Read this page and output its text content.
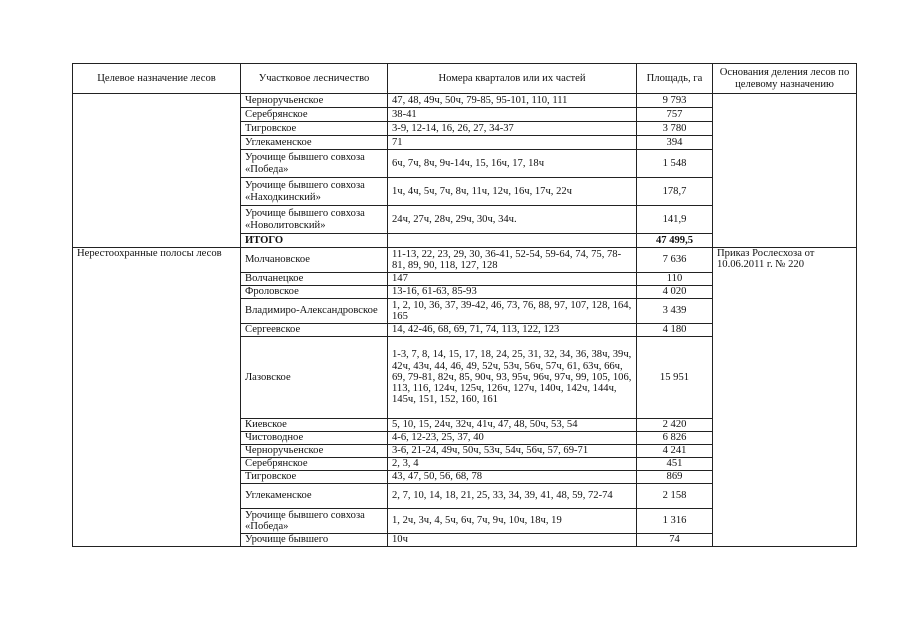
Целевое назначение лесов	Участковое лесничество	Номера кварталов или их частей	Площадь, га	Основания деления лесов по целевому назначению
	Черноручьенское	47, 48, 49ч, 50ч, 79-85, 95-101, 110, 111	9 793	
	Серебрянское	38-41	757	
	Тигровское	3-9, 12-14, 16, 26, 27, 34-37	3 780	
	Углекаменское	71	394	
	Урочище бывшего совхоза «Победа»	6ч, 7ч, 8ч, 9ч-14ч, 15, 16ч, 17, 18ч	1 548	
	Урочище бывшего совхоза «Находкинский»	1ч, 4ч, 5ч, 7ч, 8ч, 11ч, 12ч, 16ч, 17ч, 22ч	178,7	
	Урочище бывшего совхоза «Новолитовский»	24ч, 27ч, 28ч, 29ч, 30ч, 34ч.	141,9	
	ИТОГО		47 499,5	
Нерестоохранные полосы лесов	Молчановское	11-13, 22, 23, 29, 30, 36-41, 52-54, 59-64, 74, 75, 78-81, 89, 90, 118, 127, 128	7 636	Приказ Рослесхоза от 10.06.2011 г. № 220
	Волчанецкое	147	110	
	Фроловское	13-16, 61-63, 85-93	4 020	
	Владимиро-Александровское	1, 2, 10, 36, 37, 39-42, 46, 73, 76, 88, 97, 107, 128, 164, 165	3 439	
	Сергеевское	14, 42-46, 68, 69, 71, 74, 113, 122, 123	4 180	
	Лазовское	1-3, 7, 8, 14, 15, 17, 18, 24, 25, 31, 32, 34, 36, 38ч, 39ч, 42ч, 43ч, 44, 46, 49, 52ч, 53ч, 56ч, 57ч, 61, 63ч, 66ч, 69, 79-81, 82ч, 85, 90ч, 93, 95ч, 96ч, 97ч, 99, 105, 106, 113, 116, 124ч, 125ч, 126ч, 127ч, 140ч, 142ч, 144ч, 145ч, 151, 152, 160, 161	15 951	
	Киевское	5, 10, 15, 24ч, 32ч, 41ч, 47, 48, 50ч, 53, 54	2 420	
	Чистоводное	4-6, 12-23, 25, 37, 40	6 826	
	Черноручьенское	3-6, 21-24, 49ч, 50ч, 53ч, 54ч, 56ч, 57, 69-71	4 241	
	Серебрянское	2, 3, 4	451	
	Тигровское	43, 47, 50, 56, 68, 78	869	
	Углекаменское	2, 7, 10, 14, 18, 21, 25, 33, 34, 39, 41, 48, 59, 72-74	2 158	
	Урочище бывшего совхоза «Победа»	1, 2ч, 3ч, 4, 5ч, 6ч, 7ч, 9ч, 10ч, 18ч, 19	1 316	
	Урочище бывшего	10ч	74	
